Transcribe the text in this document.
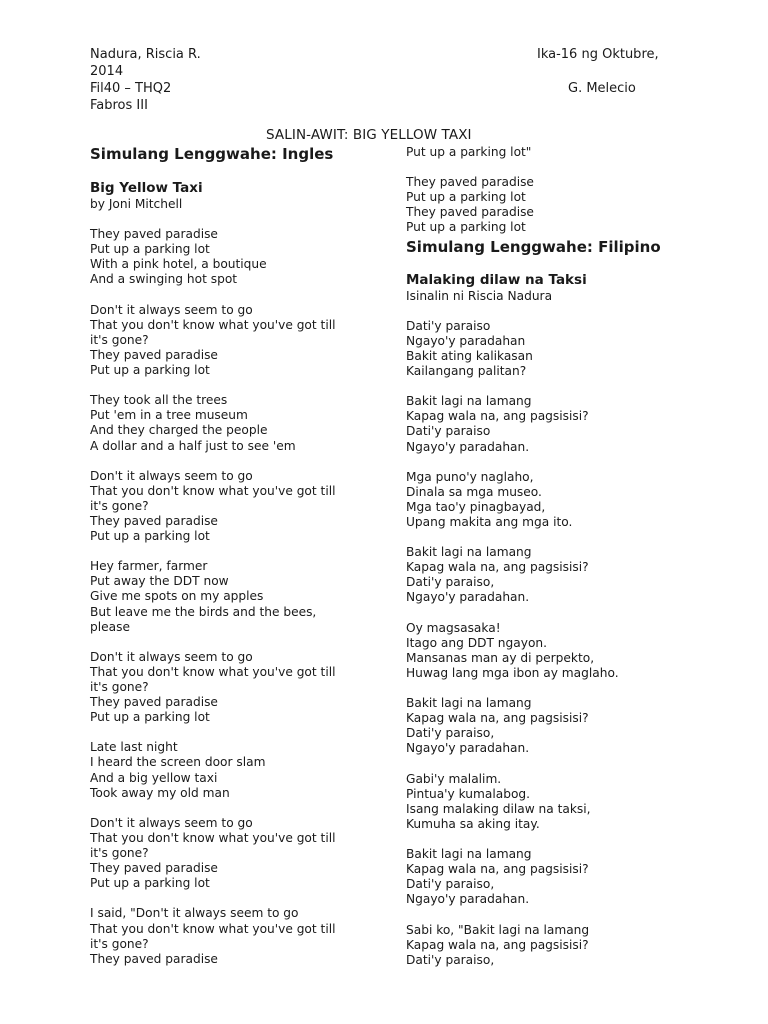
Nadura, Riscia R.
2014
Fil40 – THQ2
Fabros III
Ika-16 ng Oktubre,
G. Melecio
SALIN-AWIT: BIG YELLOW TAXI
Simulang Lenggwahe: Ingles
Big Yellow Taxi
by Joni Mitchell
They paved paradise
Put up a parking lot
With a pink hotel, a boutique
And a swinging hot spot
Don't it always seem to go
That you don't know what you've got till
it's gone?
They paved paradise
Put up a parking lot
They took all the trees
Put 'em in a tree museum
And they charged the people
A dollar and a half just to see 'em
Don't it always seem to go
That you don't know what you've got till
it's gone?
They paved paradise
Put up a parking lot
Hey farmer, farmer
Put away the DDT now
Give me spots on my apples
But leave me the birds and the bees,
please
Don't it always seem to go
That you don't know what you've got till
it's gone?
They paved paradise
Put up a parking lot
Late last night
I heard the screen door slam
And a big yellow taxi
Took away my old man
Don't it always seem to go
That you don't know what you've got till
it's gone?
They paved paradise
Put up a parking lot
I said, "Don't it always seem to go
That you don't know what you've got till
it's gone?
They paved paradise
Put up a parking lot"
They paved paradise
Put up a parking lot
They paved paradise
Put up a parking lot
Simulang Lenggwahe: Filipino
Malaking dilaw na Taksi
Isinalin ni Riscia Nadura
Dati'y paraiso
Ngayo'y paradahan
Bakit ating kalikasan
Kailangang palitan?
Bakit lagi na lamang
Kapag wala na, ang pagsisisi?
Dati'y paraiso
Ngayo'y paradahan.
Mga puno'y naglaho,
Dinala sa mga museo.
Mga tao'y pinagbayad,
Upang makita ang mga ito.
Bakit lagi na lamang
Kapag wala na, ang pagsisisi?
Dati'y paraiso,
Ngayo'y paradahan.
Oy magsasaka!
Itago ang DDT ngayon.
Mansanas man ay di perpekto,
Huwag lang mga ibon ay maglaho.
Bakit lagi na lamang
Kapag wala na, ang pagsisisi?
Dati'y paraiso,
Ngayo'y paradahan.
Gabi'y malalim.
Pintua'y kumalabog.
Isang malaking dilaw na taksi,
Kumuha sa aking itay.
Bakit lagi na lamang
Kapag wala na, ang pagsisisi?
Dati'y paraiso,
Ngayo'y paradahan.
Sabi ko, "Bakit lagi na lamang
Kapag wala na, ang pagsisisi?
Dati'y paraiso,
